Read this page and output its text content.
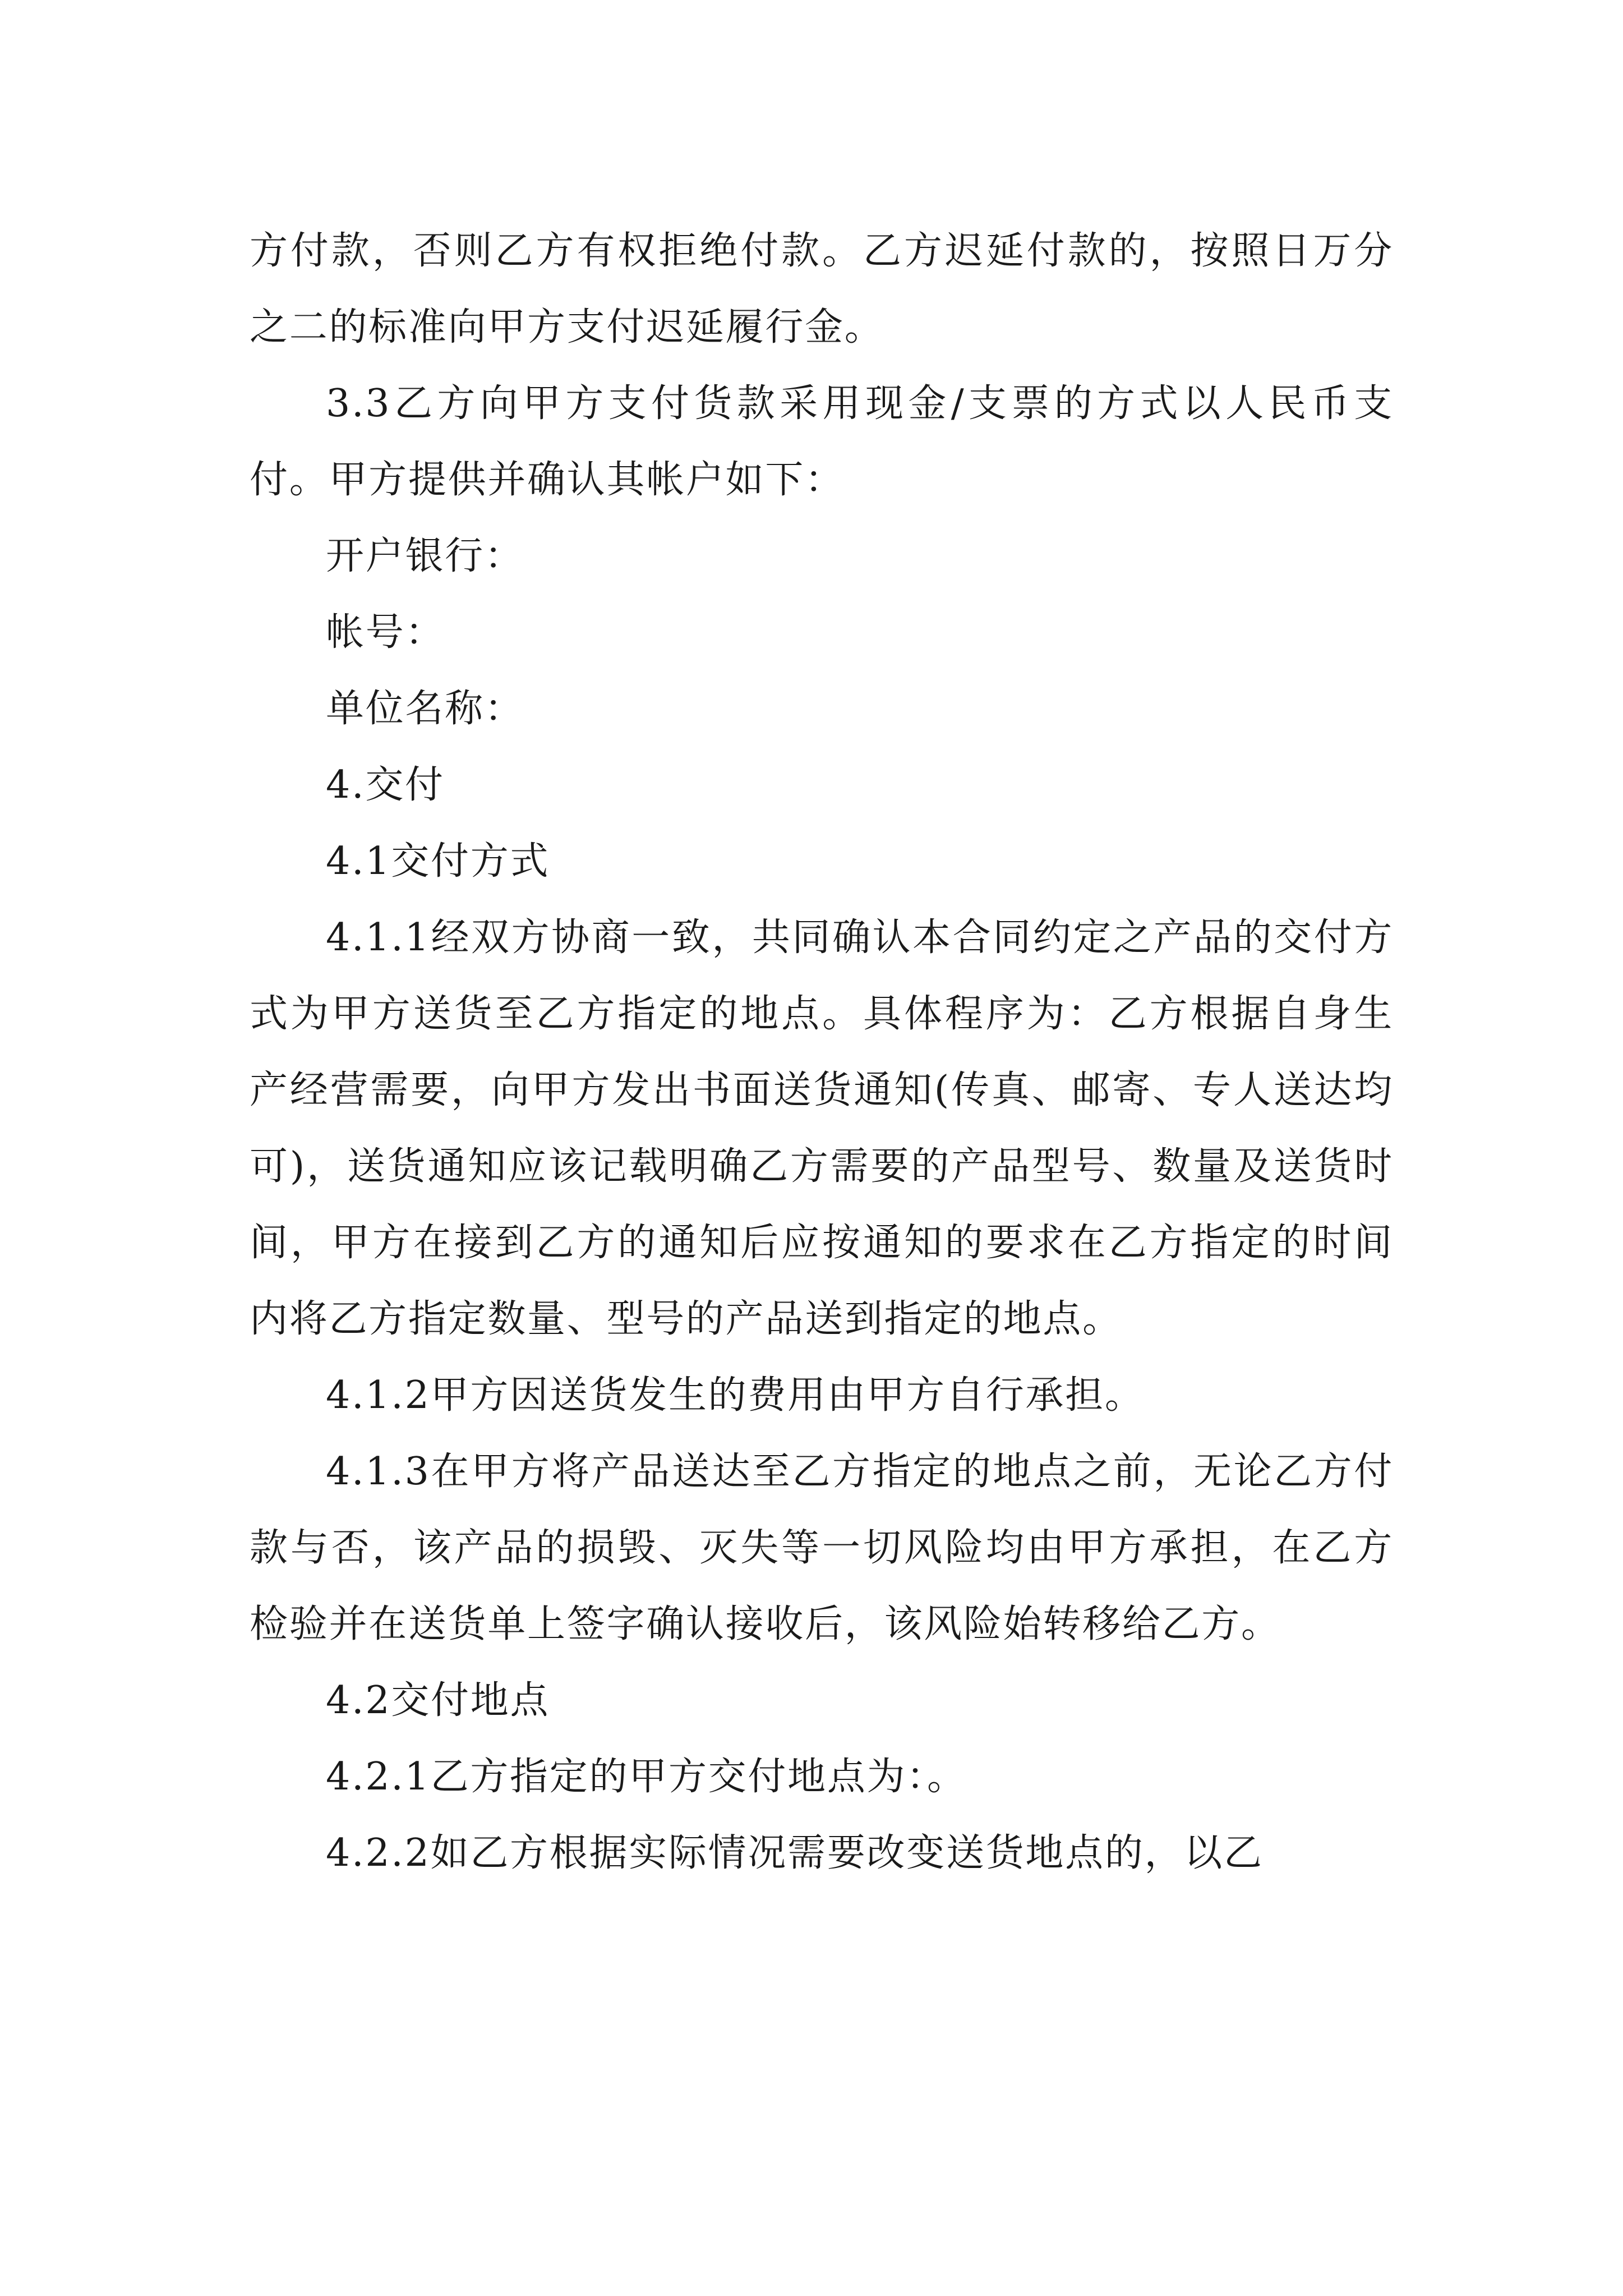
方付款，否则乙方有权拒绝付款。乙方迟延付款的，按照日万分之二的标准向甲方支付迟延履行金。

3.3乙方向甲方支付货款采用现金/支票的方式以人民币支付。甲方提供并确认其帐户如下：

开户银行：

帐号：

单位名称：

4.交付

4.1交付方式

4.1.1经双方协商一致，共同确认本合同约定之产品的交付方式为甲方送货至乙方指定的地点。具体程序为：乙方根据自身生产经营需要，向甲方发出书面送货通知(传真、邮寄、专人送达均可)，送货通知应该记载明确乙方需要的产品型号、数量及送货时间，甲方在接到乙方的通知后应按通知的要求在乙方指定的时间内将乙方指定数量、型号的产品送到指定的地点。

4.1.2甲方因送货发生的费用由甲方自行承担。

4.1.3在甲方将产品送达至乙方指定的地点之前，无论乙方付款与否，该产品的损毁、灭失等一切风险均由甲方承担，在乙方检验并在送货单上签字确认接收后，该风险始转移给乙方。

4.2交付地点

4.2.1乙方指定的甲方交付地点为：。

4.2.2如乙方根据实际情况需要改变送货地点的，以乙
